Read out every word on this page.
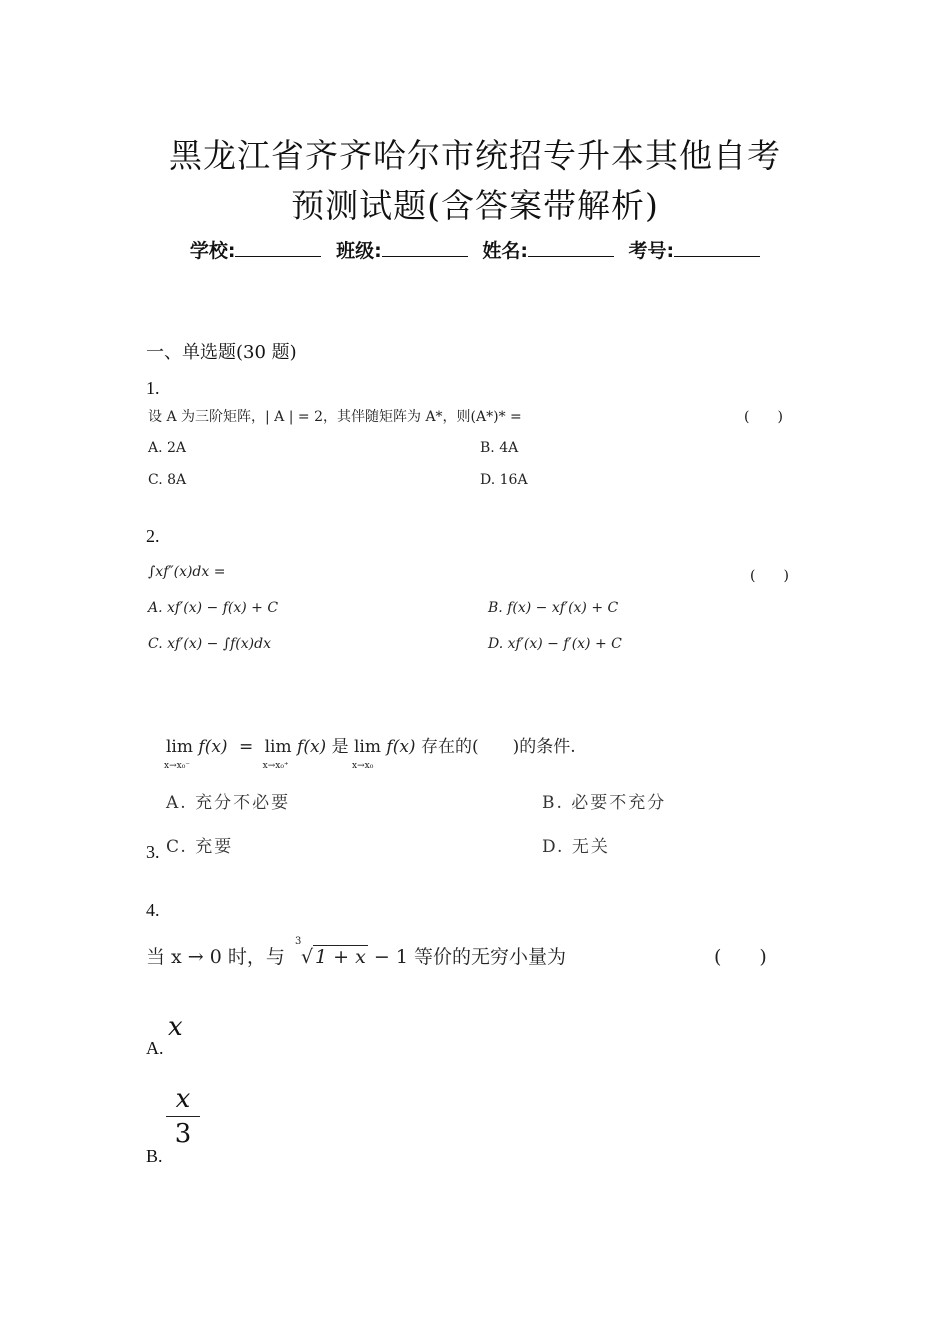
黑龙江省齐齐哈尔市统招专升本其他自考
预测试题(含答案带解析)
学校:	班级:	姓名:	考号:
一、单选题(30 题)
1.
设 A 为三阶矩阵，| A | = 2，其伴随矩阵为 A*，则(A*)* =	(　　)
A. 2A	B. 4A
C. 8A	D. 16A
2.
∫xf″(x)dx =	(　　)
A. xf′(x) − f(x) + C	B. f(x) − xf′(x) + C
C. xf′(x) − ∫f(x)dx	D. xf′(x) − f′(x) + C
lim
x→x₀⁻
f(x) = lim
x→x₀⁺
f(x) 是 lim
x→x₀
f(x) 存在的(　　)的条件.
A. 充分不必要	B. 必要不充分
C. 充要	D. 无关
3.
4.
当 x → 0 时，与
3
√ 1 + x − 1 等价的无穷小量为	(　　)
A.
x
B.
x
3
